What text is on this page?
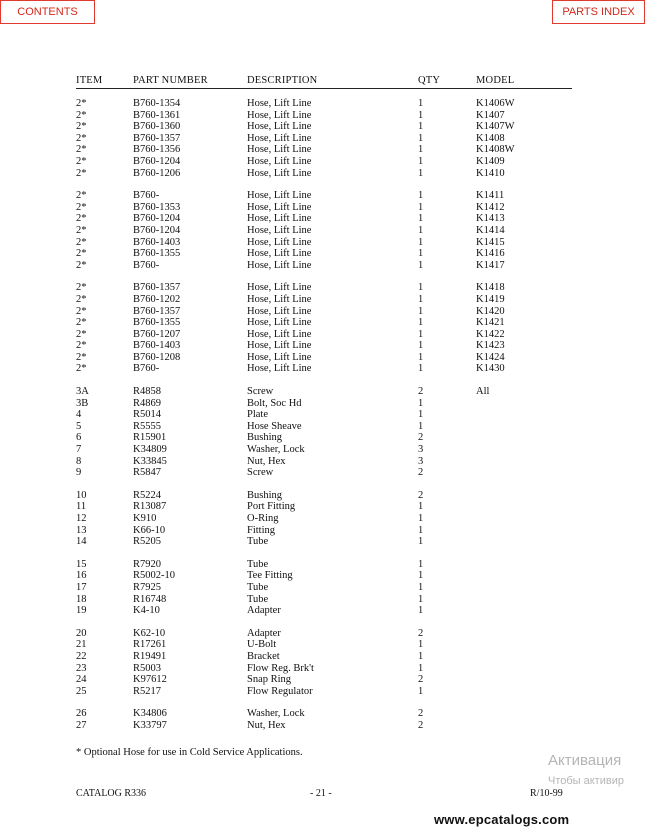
CONTENTS	PARTS INDEX
ITEM	PART NUMBER	DESCRIPTION	QTY	MODEL
2*	B760-1354	Hose, Lift Line	1	K1406W
2*	B760-1361	Hose, Lift Line	1	K1407
2*	B760-1360	Hose, Lift Line	1	K1407W
2*	B760-1357	Hose, Lift Line	1	K1408
2*	B760-1356	Hose, Lift Line	1	K1408W
2*	B760-1204	Hose, Lift Line	1	K1409
2*	B760-1206	Hose, Lift Line	1	K1410
2*	B760-	Hose, Lift Line	1	K1411
2*	B760-1353	Hose, Lift Line	1	K1412
2*	B760-1204	Hose, Lift Line	1	K1413
2*	B760-1204	Hose, Lift Line	1	K1414
2*	B760-1403	Hose, Lift Line	1	K1415
2*	B760-1355	Hose, Lift Line	1	K1416
2*	B760-	Hose, Lift Line	1	K1417
2*	B760-1357	Hose, Lift Line	1	K1418
2*	B760-1202	Hose, Lift Line	1	K1419
2*	B760-1357	Hose, Lift Line	1	K1420
2*	B760-1355	Hose, Lift Line	1	K1421
2*	B760-1207	Hose, Lift Line	1	K1422
2*	B760-1403	Hose, Lift Line	1	K1423
2*	B760-1208	Hose, Lift Line	1	K1424
2*	B760-	Hose, Lift Line	1	K1430
3A	R4858	Screw	2	All
3B	R4869	Bolt, Soc Hd	1
4	R5014	Plate	1
5	R5555	Hose Sheave	1
6	R15901	Bushing	2
7	K34809	Washer, Lock	3
8	K33845	Nut, Hex	3
9	R5847	Screw	2
10	R5224	Bushing	2
11	R13087	Port Fitting	1
12	K910	O-Ring	1
13	K66-10	Fitting	1
14	R5205	Tube	1
15	R7920	Tube	1
16	R5002-10	Tee Fitting	1
17	R7925	Tube	1
18	R16748	Tube	1
19	K4-10	Adapter	1
20	K62-10	Adapter	2
21	R17261	U-Bolt	1
22	R19491	Bracket	1
23	R5003	Flow Reg. Brk't	1
24	K97612	Snap Ring	2
25	R5217	Flow Regulator	1
26	K34806	Washer, Lock	2
27	K33797	Nut, Hex	2
* Optional Hose for use in Cold Service Applications.
CATALOG R336	- 21 -	R/10-99
Активация
Чтобы активир
www.epcatalogs.com
